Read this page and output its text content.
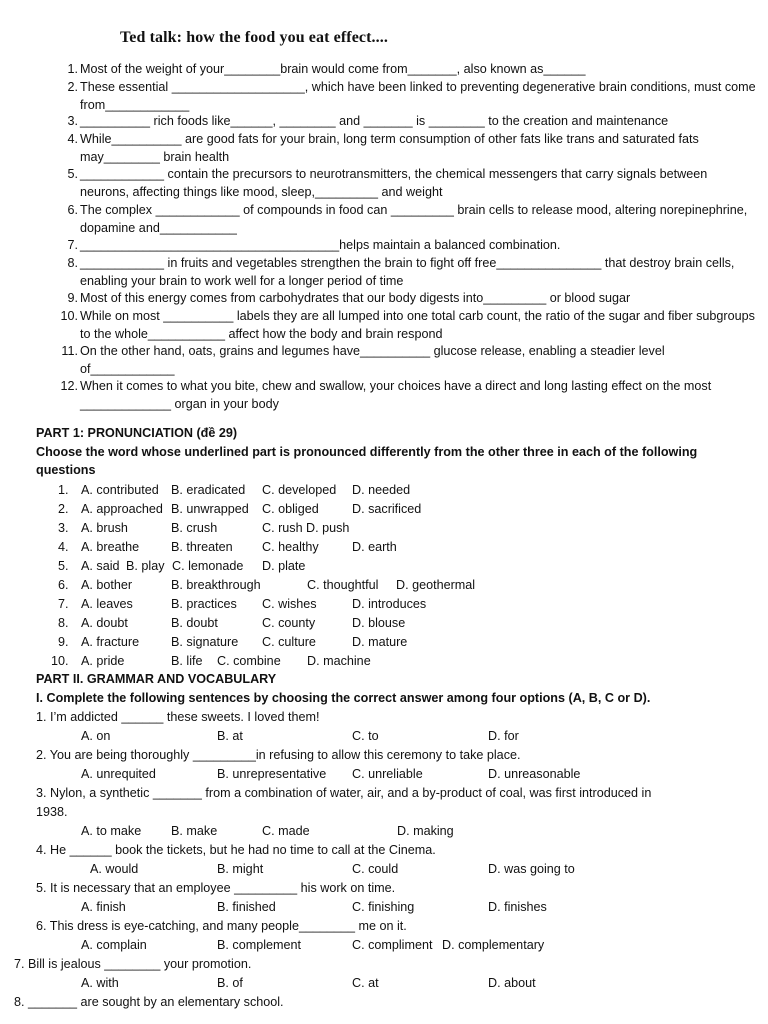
Ted talk: how the food you eat effect....
1. Most of the weight of your________brain would come from_______, also known as______
2. These essential ___________________, which have been linked to preventing degenerative brain conditions, must come from____________
3. __________ rich foods like______, ________ and _______ is ________ to the creation and maintenance
4. While__________ are good fats for your brain, long term consumption of other fats like trans and saturated fats may________ brain health
5. ____________ contain the precursors to neurotransmitters, the chemical messengers that carry signals between neurons, affecting things like mood, sleep,_________ and weight
6. The complex ____________ of compounds in food can _________ brain cells to release mood, altering norepinephrine, dopamine and___________
7. _____________________________________helps maintain a balanced combination.
8. ____________ in fruits and vegetables strengthen the brain to fight off free_______________ that destroy brain cells, enabling your brain to work well for a longer period of time
9. Most of this energy comes from carbohydrates that our body digests into_________ or blood sugar
10. While on most __________ labels they are all lumped into one total carb count, the ratio of the sugar and fiber subgroups to the whole___________ affect how the body and brain respond
11. On the other hand, oats, grains and legumes have__________ glucose release, enabling a steadier level of____________
12. When it comes to what you bite, chew and swallow, your choices have a direct and long lasting effect on the most _____________ organ in your body
PART 1: PRONUNCIATION (đề 29)
Choose the word whose underlined part is pronounced differently from the other three in each of the following
questions
1. A. contributed B. eradicated C. developed D. needed
2. A. approached B. unwrapped C. obliged	D. sacrificed
3. A. brush	B. crush	C. rush D. push
4. A. breathe	B. threaten C. healthy	D. earth
5. A. said B. play C. lemonade D. plate
6. A. bother	B. breakthrough	C. thoughtful D. geothermal
7. A. leaves	B. practices C. wishes	D. introduces
8. A. doubt	B. doubt	C. county	D. blouse
9. A. fracture	B. signature C. culture	D. mature
10. A. pride	B. life C. combine D. machine
PART II. GRAMMAR AND VOCABULARY
I. Complete the following sentences by choosing the correct answer among four options (A, B, C or D).
1. I’m addicted ______ these sweets. I loved them!
A. on	B. at	C. to	D. for
2. You are being thoroughly _________in refusing to allow this ceremony to take place.
A. unrequited	B. unrepresentative C. unreliable	D. unreasonable
3. Nylon, a synthetic _______ from a combination of water, air, and a by-product of coal, was first introduced in
1938.
A. to make B. make	C. made	D. making
4. He ______ book the tickets, but he had no time to call at the Cinema.
A. would	B. might	C. could	D. was going to
5. It is necessary that an employee _________ his work on time.
A. finish	B. finished	C. finishing	D. finishes
6. This dress is eye-catching, and many people________ me on it.
A. complain	B. complement	C. compliment D. complementary
7. Bill is jealous ________ your promotion.
A. with	B. of	C. at	D. about
8. _______ are sought by an elementary school.
